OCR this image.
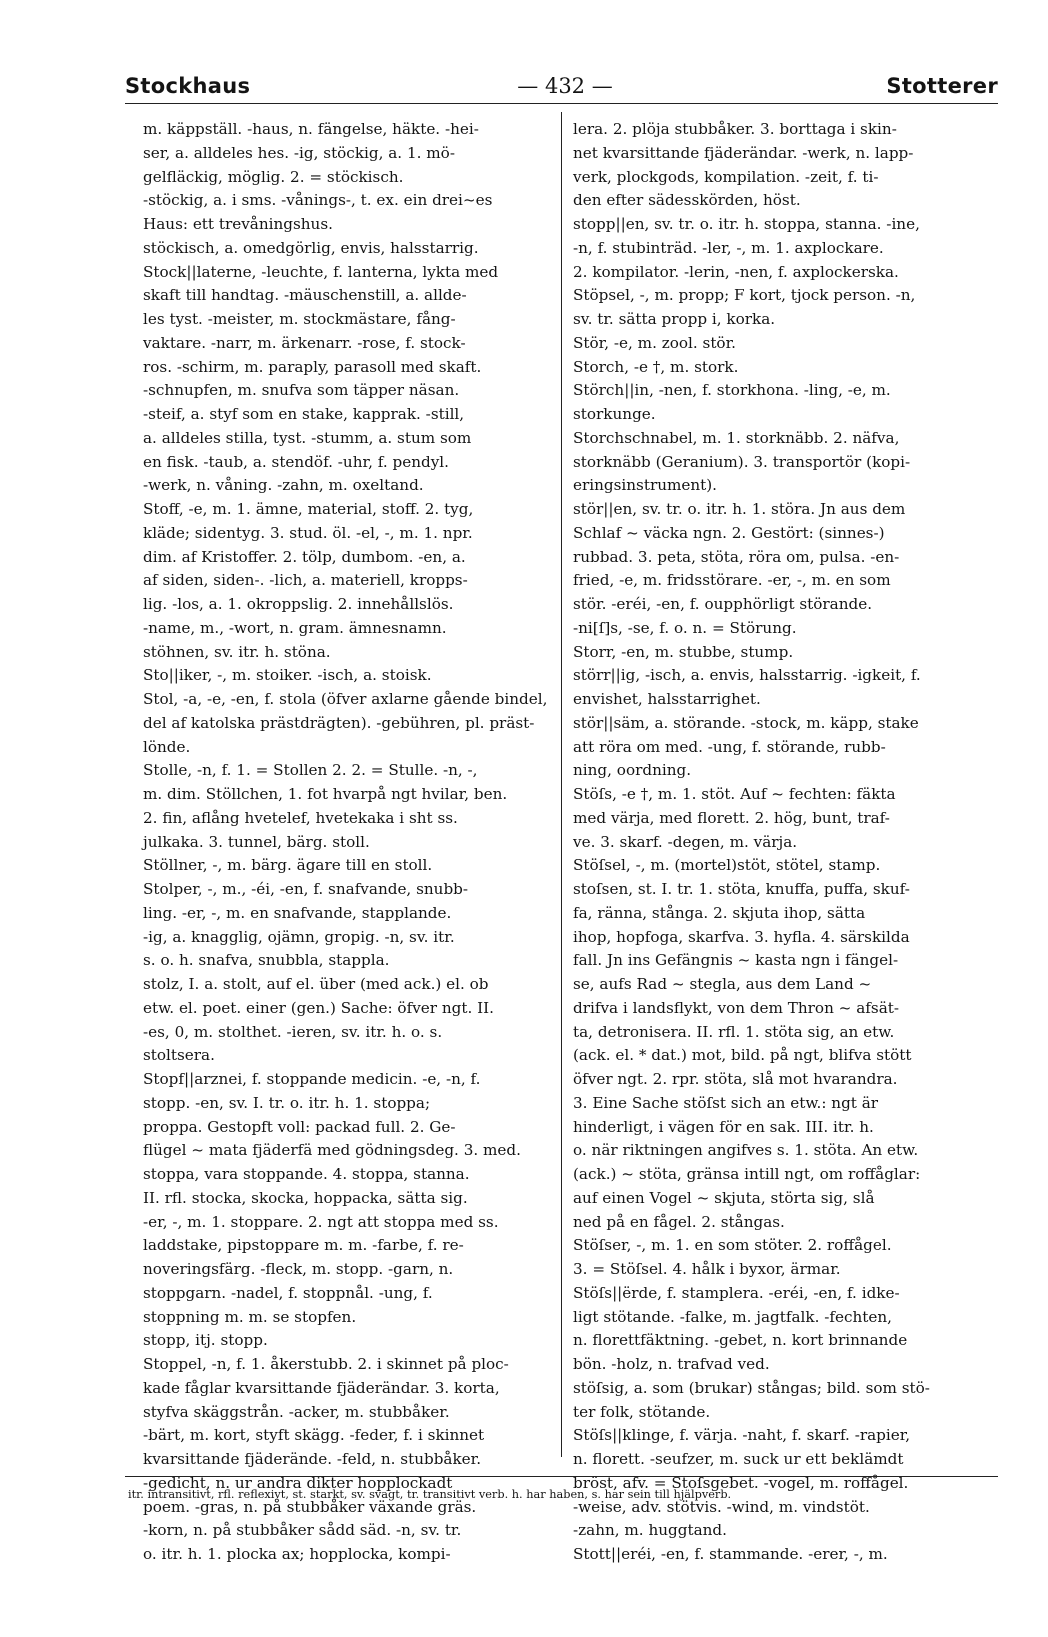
Stockhaus	— 432 —	Stotterer
m. käppställ. -haus, n. fängelse, häkte. -hei-
ser, a. alldeles hes. -ig, stöckig, a. 1. mö-
gelfläckig, möglig. 2. = stöckisch.
-stöckig, a. i sms. -vånings-, t. ex. ein drei~es
Haus: ett trevåningshus.
stöckisch, a. omedgörlig, envis, halsstarrig.
Stock||laterne, -leuchte, f. lanterna, lykta med
skaft till handtag. -mäuschenstill, a. allde-
les tyst. -meister, m. stockmästare, fång-
vaktare. -narr, m. ärkenarr. -rose, f. stock-
ros. -schirm, m. paraply, parasoll med skaft.
-schnupfen, m. snufva som täpper näsan.
-steif, a. styf som en stake, kapprak. -still,
a. alldeles stilla, tyst. -stumm, a. stum som
en fisk. -taub, a. stendöf. -uhr, f. pendyl.
-werk, n. våning. -zahn, m. oxeltand.
Stoff, -e, m. 1. ämne, material, stoff. 2. tyg,
kläde; sidentyg. 3. stud. öl. -el, -, m. 1. npr.
dim. af Kristoffer. 2. tölp, dumbom. -en, a.
af siden, siden-. -lich, a. materiell, kropps-
lig. -los, a. 1. okroppslig. 2. innehållslös.
-name, m., -wort, n. gram. ämnesnamn.
stöhnen, sv. itr. h. stöna.
Sto||iker, -, m. stoiker. -isch, a. stoisk.
Stol, -a, -e, -en, f. stola (öfver axlarne gående bindel,
del af katolska prästdrägten). -gebühren, pl. präst-
lönde.
Stolle, -n, f. 1. = Stollen 2. 2. = Stulle. -n, -,
m. dim. Stöllchen, 1. fot hvarpå ngt hvilar, ben.
2. fin, aflång hvetelef, hvetekaka i sht ss.
julkaka. 3. tunnel, bärg. stoll.
Stöllner, -, m. bärg. ägare till en stoll.
Stolper, -, m., -éi, -en, f. snafvande, snubb-
ling. -er, -, m. en snafvande, stapplande.
-ig, a. knagglig, ojämn, gropig. -n, sv. itr.
s. o. h. snafva, snubbla, stappla.
stolz, I. a. stolt, auf el. über (med ack.) el. ob
etw. el. poet. einer (gen.) Sache: öfver ngt. II.
-es, 0, m. stolthet. -ieren, sv. itr. h. o. s.
stoltsera.
Stopf||arznei, f. stoppande medicin. -e, -n, f.
stopp. -en, sv. I. tr. o. itr. h. 1. stoppa;
proppa. Gestopft voll: packad full. 2. Ge-
flügel ~ mata fjäderfä med gödningsdeg. 3. med.
stoppa, vara stoppande. 4. stoppa, stanna.
II. rfl. stocka, skocka, hoppacka, sätta sig.
-er, -, m. 1. stoppare. 2. ngt att stoppa med ss.
laddstake, pipstoppare m. m. -farbe, f. re-
noveringsfärg. -fleck, m. stopp. -garn, n.
stoppgarn. -nadel, f. stoppnål. -ung, f.
stoppning m. m. se stopfen.
stopp, itj. stopp.
Stoppel, -n, f. 1. åkerstubb. 2. i skinnet på ploc-
kade fåglar kvarsittande fjäderändar. 3. korta,
styfva skäggstrån. -acker, m. stubbåker.
-bärt, m. kort, styft skägg. -feder, f. i skinnet
kvarsittande fjäderände. -feld, n. stubbåker.
-gedicht, n. ur andra dikter hopplockadt
poem. -gras, n. på stubbåker växande gräs.
-korn, n. på stubbåker sådd säd. -n, sv. tr.
o. itr. h. 1. plocka ax; hopplocka, kompi-
lera. 2. plöja stubbåker. 3. borttaga i skin-
net kvarsittande fjäderändar. -werk, n. lapp-
verk, plockgods, kompilation. -zeit, f. ti-
den efter sädesskörden, höst.
stopp||en, sv. tr. o. itr. h. stoppa, stanna. -ine,
-n, f. stubinträd. -ler, -, m. 1. axplockare.
2. kompilator. -lerin, -nen, f. axplockerska.
Stöpsel, -, m. propp; F kort, tjock person. -n,
sv. tr. sätta propp i, korka.
Stör, -e, m. zool. stör.
Storch, -e †, m. stork.
Störch||in, -nen, f. storkhona. -ling, -e, m.
storkunge.
Storchschnabel, m. 1. storknäbb. 2. näfva,
storknäbb (Geranium). 3. transportör (kopi-
eringsinstrument).
stör||en, sv. tr. o. itr. h. 1. störa. Jn aus dem
Schlaf ~ väcka ngn. 2. Gestört: (sinnes-)
rubbad. 3. peta, stöta, röra om, pulsa. -en-
fried, -e, m. fridsstörare. -er, -, m. en som
stör. -eréi, -en, f. oupphörligt störande.
-ni[ſ]s, -se, f. o. n. = Störung.
Storr, -en, m. stubbe, stump.
störr||ig, -isch, a. envis, halsstarrig. -igkeit, f.
envishet, halsstarrighet.
stör||säm, a. störande. -stock, m. käpp, stake
att röra om med. -ung, f. störande, rubb-
ning, oordning.
Stöſs, -e †, m. 1. stöt. Auf ~ fechten: fäkta
med värja, med florett. 2. hög, bunt, traf-
ve. 3. skarf. -degen, m. värja.
Stöſsel, -, m. (mortel)stöt, stötel, stamp.
stoſsen, st. I. tr. 1. stöta, knuffa, puffa, skuf-
fa, ränna, stånga. 2. skjuta ihop, sätta
ihop, hopfoga, skarfva. 3. hyfla. 4. särskilda
fall. Jn ins Gefängnis ~ kasta ngn i fängel-
se, aufs Rad ~ stegla, aus dem Land ~
drifva i landsflykt, von dem Thron ~ afsät-
ta, detronisera. II. rfl. 1. stöta sig, an etw.
(ack. el. * dat.) mot, bild. på ngt, blifva stött
öfver ngt. 2. rpr. stöta, slå mot hvarandra.
3. Eine Sache stöſst sich an etw.: ngt är
hinderligt, i vägen för en sak. III. itr. h.
o. när riktningen angifves s. 1. stöta. An etw.
(ack.) ~ stöta, gränsa intill ngt, om roffåglar:
auf einen Vogel ~ skjuta, störta sig, slå
ned på en fågel. 2. stångas.
Stöſser, -, m. 1. en som stöter. 2. roffågel.
3. = Stöſsel. 4. hålk i byxor, ärmar.
Stöſs||ërde, f. stamplera. -eréi, -en, f. idke-
ligt stötande. -falke, m. jagtfalk. -fechten,
n. florettfäktning. -gebet, n. kort brinnande
bön. -holz, n. trafvad ved.
stöſsig, a. som (brukar) stångas; bild. som stö-
ter folk, stötande.
Stöſs||klinge, f. värja. -naht, f. skarf. -rapier,
n. florett. -seufzer, m. suck ur ett beklämdt
bröst, afv. = Stoſsgebet. -vogel, m. roffågel.
-weise, adv. stötvis. -wind, m. vindstöt.
-zahn, m. huggtand.
Stott||eréi, -en, f. stammande. -erer, -, m.
itr. intransitivt, rfl. reflexivt, st. starkt, sv. svagt, tr. transitivt verb. h. har haben, s. har sein till hjälpverb.
